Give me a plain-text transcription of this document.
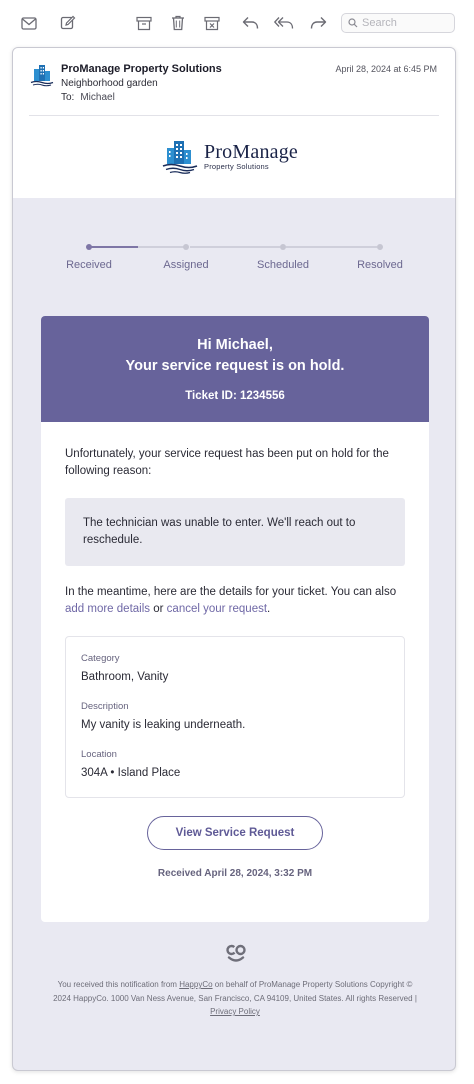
Search
ProManage Property Solutions
Neighborhood garden
To: Michael
April 28, 2024 at 6:45 PM
ProManage
Property Solutions
Received	Assigned	Scheduled	Resolved
Hi Michael,
Your service request is on hold.
Ticket ID: 1234556
Unfortunately, your service request has been put on hold for the following reason:
The technician was unable to enter. We'll reach out to reschedule.
In the meantime, here are the details for your ticket. You can also add more details or cancel your request.
Category
Bathroom, Vanity
Description
My vanity is leaking underneath.
Location
304A • Island Place
View Service Request
Received April 28, 2024, 3:32 PM
You received this notification from HappyCo on behalf of ProManage Property Solutions Copyright © 2024 HappyCo. 1000 Van Ness Avenue, San Francisco, CA 94109, United States. All rights Reserved | Privacy Policy
